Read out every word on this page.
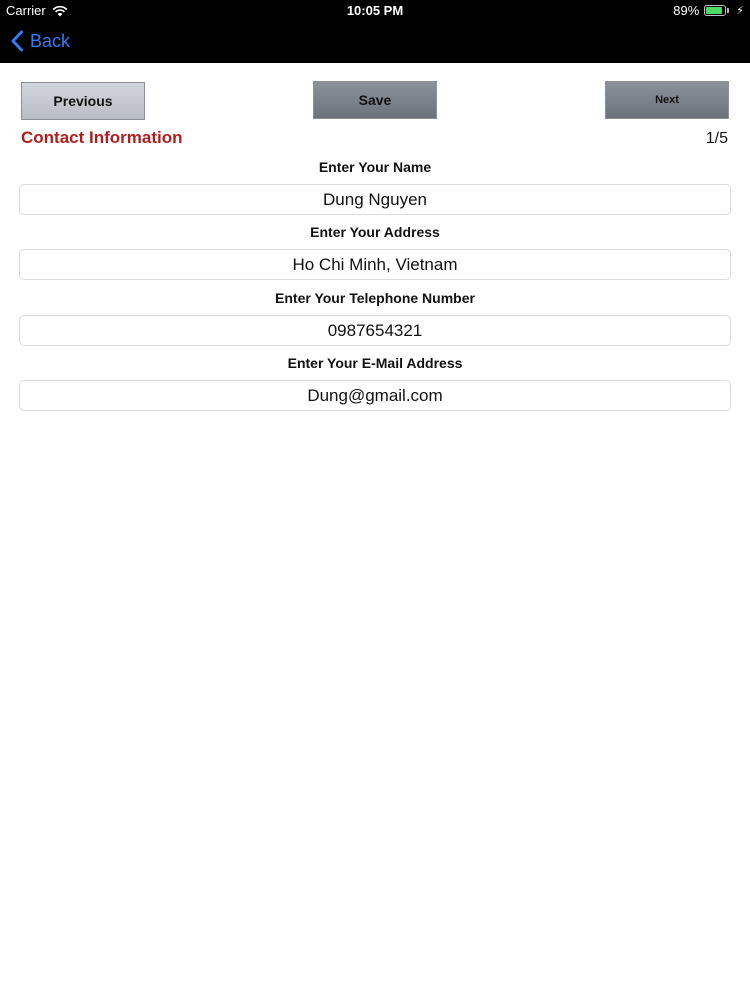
Carrier	10:05 PM	89%	⚡
Back
Previous	Save	Next
Contact Information	1/5
Enter Your Name
Dung Nguyen
Enter Your Address
Ho Chi Minh, Vietnam
Enter Your Telephone Number
0987654321
Enter Your E-Mail Address
Dung@gmail.com
